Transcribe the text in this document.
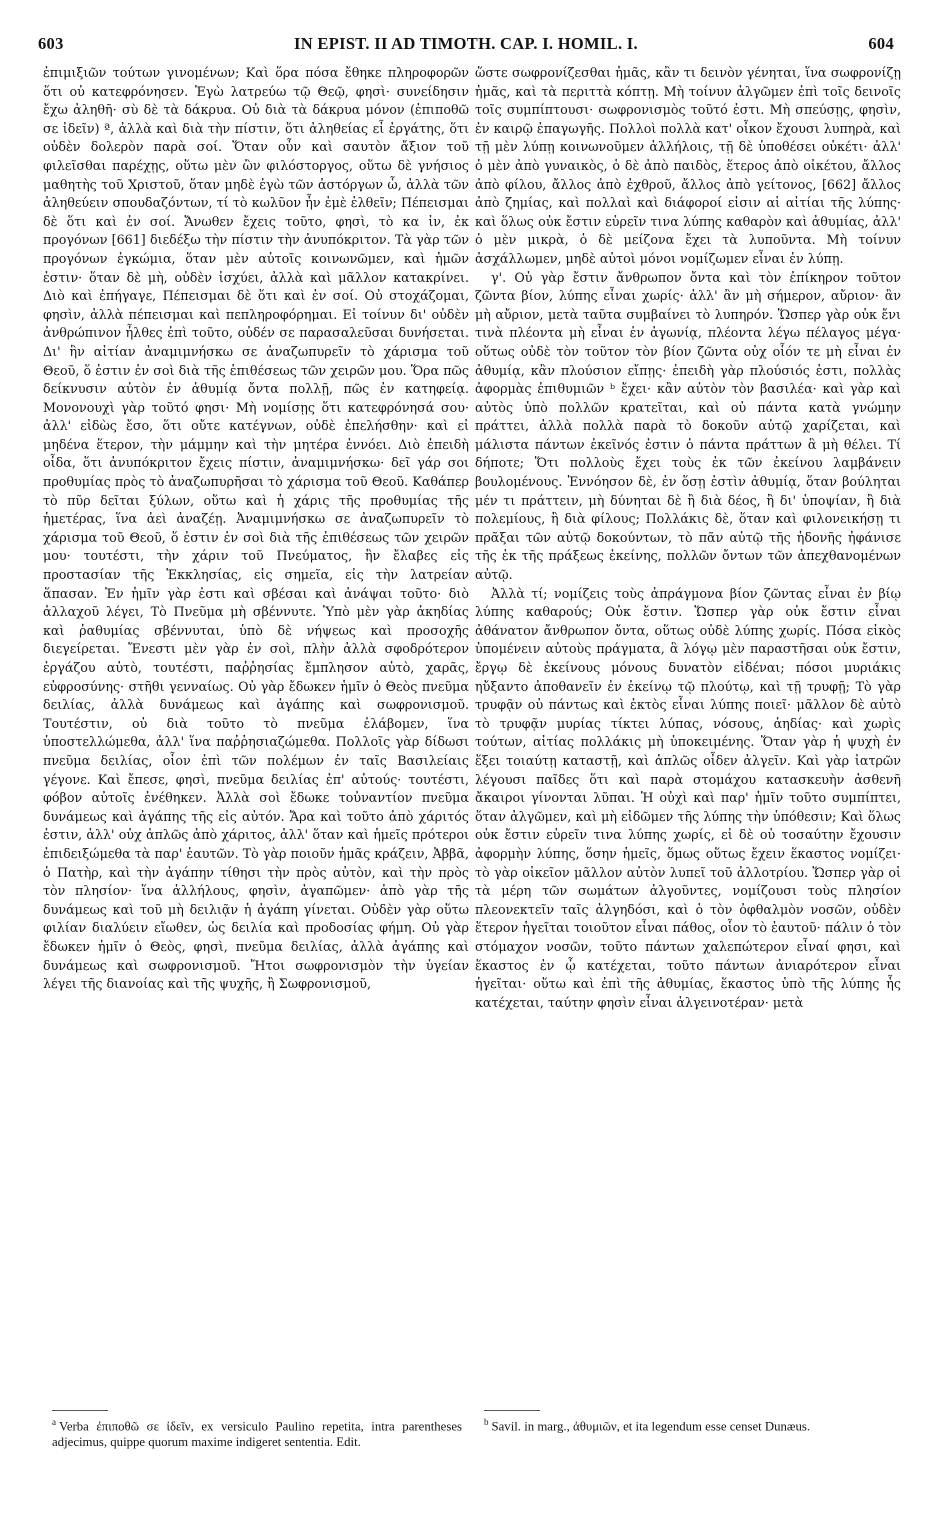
603	IN EPIST. II AD TIMOTH. CAP. I. HOMIL. I.	604

ἐπιμιξιῶν τούτων γινομένων; Καὶ ὅρα πόσα ἔθηκε πληροφορῶν ὅτι οὐ κατεφρόνησεν. Ἐγὼ λατρεύω τῷ Θεῷ, φησὶ· συνείδησιν ἔχω ἀληθῆ· σὺ δὲ τὰ δάκρυα. Οὐ διὰ τὰ δάκρυα μόνον (ἐπιποθῶ σε ἰδεῖν) ª, ἀλλὰ καὶ διὰ τὴν πίστιν, ὅτι ἀληθείας εἶ ἐργάτης, ὅτι οὐδὲν δολερὸν παρὰ σοί. Ὅταν οὖν καὶ σαυτὸν ἄξιον τοῦ φιλεῖσθαι παρέχῃς, οὕτω μὲν ὢν φιλόστοργος, οὕτω δὲ γνήσιος μαθητὴς τοῦ Χριστοῦ, ὅταν μηδὲ ἐγὼ τῶν ἀστόργων ὦ, ἀλλὰ τῶν ἀληθεύειν σπουδαζόντων, τί τὸ κωλῦον ἦν ἐμὲ ἐλθεῖν; Πέπεισμαι δὲ ὅτι καὶ ἐν σοί. Ἄνωθεν ἔχεις τοῦτο, φησὶ, τὸ κα ἰν, ἐκ προγόνων [661] διεδέξω τὴν πίστιν τὴν ἀνυπόκριτον. Τὰ γὰρ τῶν προγόνων ἐγκώμια, ὅταν μὲν αὐτοῖς κοινωνῶμεν, καὶ ἡμῶν ἐστιν· ὅταν δὲ μὴ, οὐδὲν ἰσχύει, ἀλλὰ καὶ μᾶλλον κατακρίνει. Διὸ καὶ ἐπήγαγε, Πέπεισμαι δὲ ὅτι καὶ ἐν σοί. Οὐ στοχάζομαι, φησὶν, ἀλλὰ πέπεισμαι καὶ πεπληροφόρημαι. Εἰ τοίνυν δι' οὐδὲν ἀνθρώπινον ἦλθες ἐπὶ τοῦτο, οὐδέν σε παρασαλεῦσαι δυνήσεται. Δι' ἣν αἰτίαν ἀναμιμνήσκω σε ἀναζωπυρεῖν τὸ χάρισμα τοῦ Θεοῦ, ὅ ἐστιν ἐν σοὶ διὰ τῆς ἐπιθέσεως τῶν χειρῶν μου. Ὅρα πῶς δείκνυσιν αὐτὸν ἐν ἀθυμίᾳ ὄντα πολλῇ, πῶς ἐν κατηφείᾳ. Μονονουχὶ γὰρ τοῦτό φησι· Μὴ νομίσῃς ὅτι κατεφρόνησά σου· ἀλλ' εἰδὼς ἔσο, ὅτι οὔτε κατέγνων, οὐδὲ ἐπελήσθην· καὶ εἰ μηδένα ἕτερον, τὴν μάμμην καὶ τὴν μητέρα ἐννόει. Διὸ ἐπειδὴ οἶδα, ὅτι ἀνυπόκριτον ἔχεις πίστιν, ἀναμιμνήσκω· δεῖ γάρ σοι προθυμίας πρὸς τὸ ἀναζωπυρῆσαι τὸ χάρισμα τοῦ Θεοῦ. Καθάπερ τὸ πῦρ δεῖται ξύλων, οὕτω καὶ ἡ χάρις τῆς προθυμίας τῆς ἡμετέρας, ἵνα ἀεὶ ἀναζέῃ. Ἀναμιμνήσκω σε ἀναζωπυρεῖν τὸ χάρισμα τοῦ Θεοῦ, ὅ ἐστιν ἐν σοὶ διὰ τῆς ἐπιθέσεως τῶν χειρῶν μου· τουτέστι, τὴν χάριν τοῦ Πνεύματος, ἣν ἔλαβες εἰς προστασίαν τῆς Ἐκκλησίας, εἰς σημεῖα, εἰς τὴν λατρείαν ἅπασαν. Ἐν ἡμῖν γὰρ ἐστι καὶ σβέσαι καὶ ἀνάψαι τοῦτο· διὸ ἀλλαχοῦ λέγει, Τὸ Πνεῦμα μὴ σβέννυτε. Ὑπὸ μὲν γὰρ ἀκηδίας καὶ ῥαθυμίας σβέννυται, ὑπὸ δὲ νήψεως καὶ προσοχῆς διεγείρεται. Ἔνεστι μὲν γὰρ ἐν σοὶ, πλὴν ἀλλὰ σφοδρότερον ἐργάζου αὐτὸ, τουτέστι, παῤῥησίας ἔμπλησον αὐτὸ, χαρᾶς, εὐφροσύνης· στῆθι γενναίως. Οὐ γὰρ ἔδωκεν ἡμῖν ὁ Θεὸς πνεῦμα δειλίας, ἀλλὰ δυνάμεως καὶ ἀγάπης καὶ σωφρονισμοῦ. Τουτέστιν, οὐ διὰ τοῦτο τὸ πνεῦμα ἐλάβομεν, ἵνα ὑποστελλώμεθα, ἀλλ' ἵνα παῤῥησιαζώμεθα. Πολλοῖς γὰρ δίδωσι πνεῦμα δειλίας, οἷον ἐπὶ τῶν πολέμων ἐν ταῖς Βασιλείαις γέγονε. Καὶ ἔπεσε, φησὶ, πνεῦμα δειλίας ἐπ' αὐτούς· τουτέστι, φόβον αὐτοῖς ἐνέθηκεν. Ἀλλὰ σοὶ ἔδωκε τοὐναντίον πνεῦμα δυνάμεως καὶ ἀγάπης τῆς εἰς αὐτόν. Ἄρα καὶ τοῦτο ἀπὸ χάριτός ἐστιν, ἀλλ' οὐχ ἁπλῶς ἀπὸ χάριτος, ἀλλ' ὅταν καὶ ἡμεῖς πρότεροι ἐπιδειξώμεθα τὰ παρ' ἑαυτῶν. Τὸ γὰρ ποιοῦν ἡμᾶς κράζειν, Ἀββᾶ, ὁ Πατὴρ, καὶ τὴν ἀγάπην τίθησι τὴν πρὸς αὐτὸν, καὶ τὴν πρὸς τὸν πλησίον· ἵνα ἀλλήλους, φησὶν, ἀγαπῶμεν· ἀπὸ γὰρ τῆς δυνάμεως καὶ τοῦ μὴ δειλιᾷν ἡ ἀγάπη γίνεται. Οὐδὲν γὰρ οὕτω φιλίαν διαλύειν εἴωθεν, ὡς δειλία καὶ προδοσίας φήμη. Οὐ γὰρ ἔδωκεν ἡμῖν ὁ Θεὸς, φησὶ, πνεῦμα δειλίας, ἀλλὰ ἀγάπης καὶ δυνάμεως καὶ σωφρονισμοῦ. Ἤτοι σωφρονισμὸν τὴν ὑγείαν λέγει τῆς διανοίας καὶ τῆς ψυχῆς, ἢ Σωφρονισμοῦ,

ὥστε σωφρονίζεσθαι ἡμᾶς, κἂν τι δεινὸν γένηται, ἵνα σωφρονίζῃ ἡμᾶς, καὶ τὰ περιττὰ κόπτῃ. Μὴ τοίνυν ἀλγῶμεν ἐπὶ τοῖς δεινοῖς τοῖς συμπίπτουσι· σωφρονισμὸς τοῦτό ἐστι. Μὴ σπεύσῃς, φησὶν, ἐν καιρῷ ἐπαγωγῆς. Πολλοὶ πολλὰ κατ' οἶκον ἔχουσι λυπηρὰ, καὶ τῇ μὲν λύπῃ κοινωνοῦμεν ἀλλήλοις, τῇ δὲ ὑποθέσει οὐκέτι· ἀλλ' ὁ μὲν ἀπὸ γυναικὸς, ὁ δὲ ἀπὸ παιδὸς, ἕτερος ἀπὸ οἰκέτου, ἄλλος ἀπὸ φίλου, ἄλλος ἀπὸ ἐχθροῦ, ἄλλος ἀπὸ γείτονος, [662] ἄλλος ἀπὸ ζημίας, καὶ πολλαὶ καὶ διάφοροί εἰσιν αἱ αἰτίαι τῆς λύπης· καὶ ὅλως οὐκ ἔστιν εὑρεῖν τινα λύπης καθαρὸν καὶ ἀθυμίας, ἀλλ' ὁ μὲν μικρὰ, ὁ δὲ μείζονα ἔχει τὰ λυποῦντα. Μὴ τοίνυν ἀσχάλλωμεν, μηδὲ αὐτοὶ μόνοι νομίζωμεν εἶναι ἐν λύπῃ.

γ'. Οὐ γὰρ ἔστιν ἄνθρωπον ὄντα καὶ τὸν ἐπίκηρον τοῦτον ζῶντα βίον, λύπης εἶναι χωρίς· ἀλλ' ἂν μὴ σήμερον, αὔριον· ἂν μὴ αὔριον, μετὰ ταῦτα συμβαίνει τὸ λυπηρόν. Ὥσπερ γὰρ οὐκ ἔνι τινὰ πλέοντα μὴ εἶναι ἐν ἀγωνίᾳ, πλέοντα λέγω πέλαγος μέγα· οὕτως οὐδὲ τὸν τοῦτον τὸν βίον ζῶντα οὐχ οἷόν τε μὴ εἶναι ἐν ἀθυμίᾳ, κἂν πλούσιον εἴπῃς· ἐπειδὴ γὰρ πλούσιός ἐστι, πολλὰς ἀφορμὰς ἐπιθυμιῶν ᵇ ἔχει· κἂν αὐτὸν τὸν βασιλέα· καὶ γὰρ καὶ αὐτὸς ὑπὸ πολλῶν κρατεῖται, καὶ οὐ πάντα κατὰ γνώμην πράττει, ἀλλὰ πολλὰ παρὰ τὸ δοκοῦν αὐτῷ χαρίζεται, καὶ μάλιστα πάντων ἐκεῖνός ἐστιν ὁ πάντα πράττων ἃ μὴ θέλει. Τί δήποτε; Ὅτι πολλοὺς ἔχει τοὺς ἐκ τῶν ἐκείνου λαμβάνειν βουλομένους. Ἐννόησον δὲ, ἐν ὅσῃ ἐστὶν ἀθυμίᾳ, ὅταν βούληται μέν τι πράττειν, μὴ δύνηται δὲ ἢ διὰ δέος, ἢ δι' ὑποψίαν, ἢ διὰ πολεμίους, ἢ διὰ φίλους; Πολλάκις δὲ, ὅταν καὶ φιλονεικήσῃ τι πρᾶξαι τῶν αὐτῷ δοκούντων, τὸ πᾶν αὐτῷ τῆς ἡδονῆς ἠφάνισε τῆς ἐκ τῆς πράξεως ἐκείνης, πολλῶν ὄντων τῶν ἀπεχθανομένων αὐτῷ.

Ἀλλὰ τί; νομίζεις τοὺς ἀπράγμονα βίον ζῶντας εἶναι ἐν βίῳ λύπης καθαρούς; Οὐκ ἔστιν. Ὥσπερ γὰρ οὐκ ἔστιν εἶναι ἀθάνατον ἄνθρωπον ὄντα, οὕτως οὐδὲ λύπης χωρίς. Πόσα εἰκὸς ὑπομένειν αὐτοὺς πράγματα, ἃ λόγῳ μὲν παραστῆσαι οὐκ ἔστιν, ἔργῳ δὲ ἐκείνους μόνους δυνατὸν εἰδέναι; πόσοι μυριάκις ηὔξαντο ἀποθανεῖν ἐν ἐκείνῳ τῷ πλούτῳ, καὶ τῇ τρυφῇ; Τὸ γὰρ τρυφᾷν οὐ πάντως καὶ ἐκτὸς εἶναι λύπης ποιεῖ· μᾶλλον δὲ αὐτὸ τὸ τρυφᾷν μυρίας τίκτει λύπας, νόσους, ἀηδίας· καὶ χωρὶς τούτων, αἰτίας πολλάκις μὴ ὑποκειμένης. Ὅταν γὰρ ἡ ψυχὴ ἐν ἕξει τοιαύτῃ καταστῇ, καὶ ἁπλῶς οἶδεν ἀλγεῖν. Καὶ γὰρ ἰατρῶν λέγουσι παῖδες ὅτι καὶ παρὰ στομάχου κατασκευὴν ἀσθενῆ ἄκαιροι γίνονται λῦπαι. Ἡ οὐχὶ καὶ παρ' ἡμῖν τοῦτο συμπίπτει, ὅταν ἀλγῶμεν, καὶ μὴ εἰδῶμεν τῆς λύπης τὴν ὑπόθεσιν; Καὶ ὅλως οὐκ ἔστιν εὑρεῖν τινα λύπης χωρίς, εἰ δὲ οὐ τοσαύτην ἔχουσιν ἀφορμὴν λύπης, ὅσην ἡμεῖς, ὅμως οὕτως ἔχειν ἕκαστος νομίζει· τὸ γὰρ οἰκεῖον μᾶλλον αὐτὸν λυπεῖ τοῦ ἀλλοτρίου. Ὥσπερ γὰρ οἱ τὰ μέρη τῶν σωμάτων ἀλγοῦντες, νομίζουσι τοὺς πλησίον πλεονεκτεῖν ταῖς ἀλγηδόσι, καὶ ὁ τὸν ὀφθαλμὸν νοσῶν, οὐδὲν ἕτερον ἡγεῖται τοιοῦτον εἶναι πάθος, οἷον τὸ ἑαυτοῦ· πάλιν ὁ τὸν στόμαχον νοσῶν, τοῦτο πάντων χαλεπώτερον εἶναί φησι, καὶ ἕκαστος ἐν ᾧ κατέχεται, τοῦτο πάντων ἀνιαρότερον εἶναι ἡγεῖται· οὕτω καὶ ἐπὶ τῆς ἀθυμίας, ἕκαστος ὑπὸ τῆς λύπης ἧς κατέχεται, ταύτην φησὶν εἶναι ἀλγεινοτέραν· μετὰ

$^a$ Verba ἐπιποθῶ σε ἰδεῖν, ex versiculo Paulino repetita, intra parentheses adjecimus, quippe quorum maxime indigeret sententia. Edit.
$^b$ Savil. in marg., ἀθυμιῶν, et ita legendum esse censet Dunæus.
